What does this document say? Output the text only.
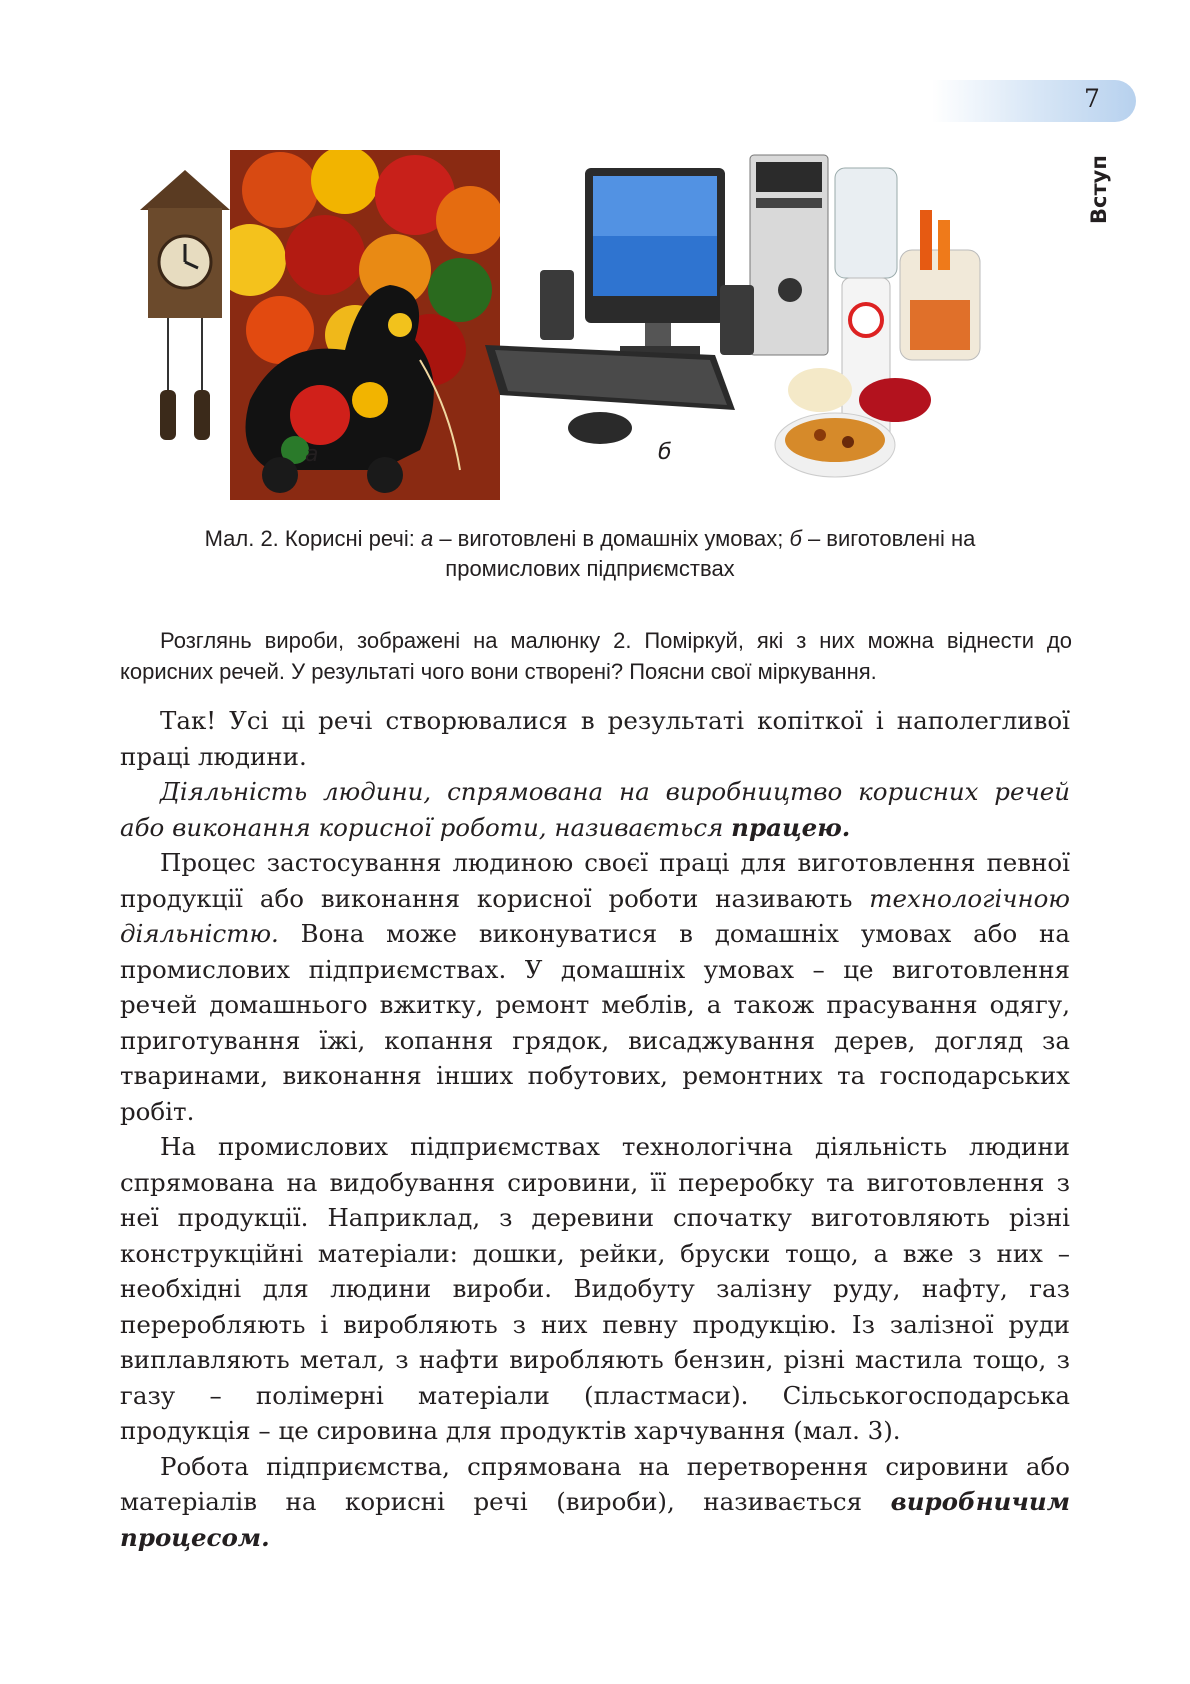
7
Вступ
а	б
Мал. 2. Корисні речі: а – виготовлені в домашніх умовах; б – виготовлені на
промислових підприємствах
Розглянь вироби, зображені на малюнку 2. Поміркуй, які з них можна віднести до корисних речей. У результаті чого вони створені? Поясни свої міркування.

Так! Усі ці речі створювалися в результаті копіткої і наполегливої праці людини.

Діяльність людини, спрямована на виробництво корисних речей або виконання корисної роботи, називається працею.

Процес застосування людиною своєї праці для виготовлення певної продукції або виконання корисної роботи називають технологічною діяльністю. Вона може виконуватися в домашніх умовах або на промислових підприємствах. У домашніх умовах – це виготовлення речей домашнього вжитку, ремонт меблів, а також прасування одягу, приготування їжі, копання грядок, висаджування дерев, догляд за тваринами, виконання інших побутових, ремонтних та господарських робіт.

На промислових підприємствах технологічна діяльність людини спрямована на видобування сировини, її переробку та виготовлення з неї продукції. Наприклад, з деревини спочатку виготовляють різні конструкційні матеріали: дошки, рейки, бруски тощо, а вже з них – необхідні для людини вироби. Видобуту залізну руду, нафту, газ переробляють і виробляють з них певну продукцію. Із залізної руди виплавляють метал, з нафти виробляють бензин, різні мастила тощо, з газу – полімерні матеріали (пластмаси). Сільськогосподарська продукція – це сировина для продуктів харчування (мал. 3).

Робота підприємства, спрямована на перетворення сировини або матеріалів на корисні речі (вироби), називається виробничим процесом.
